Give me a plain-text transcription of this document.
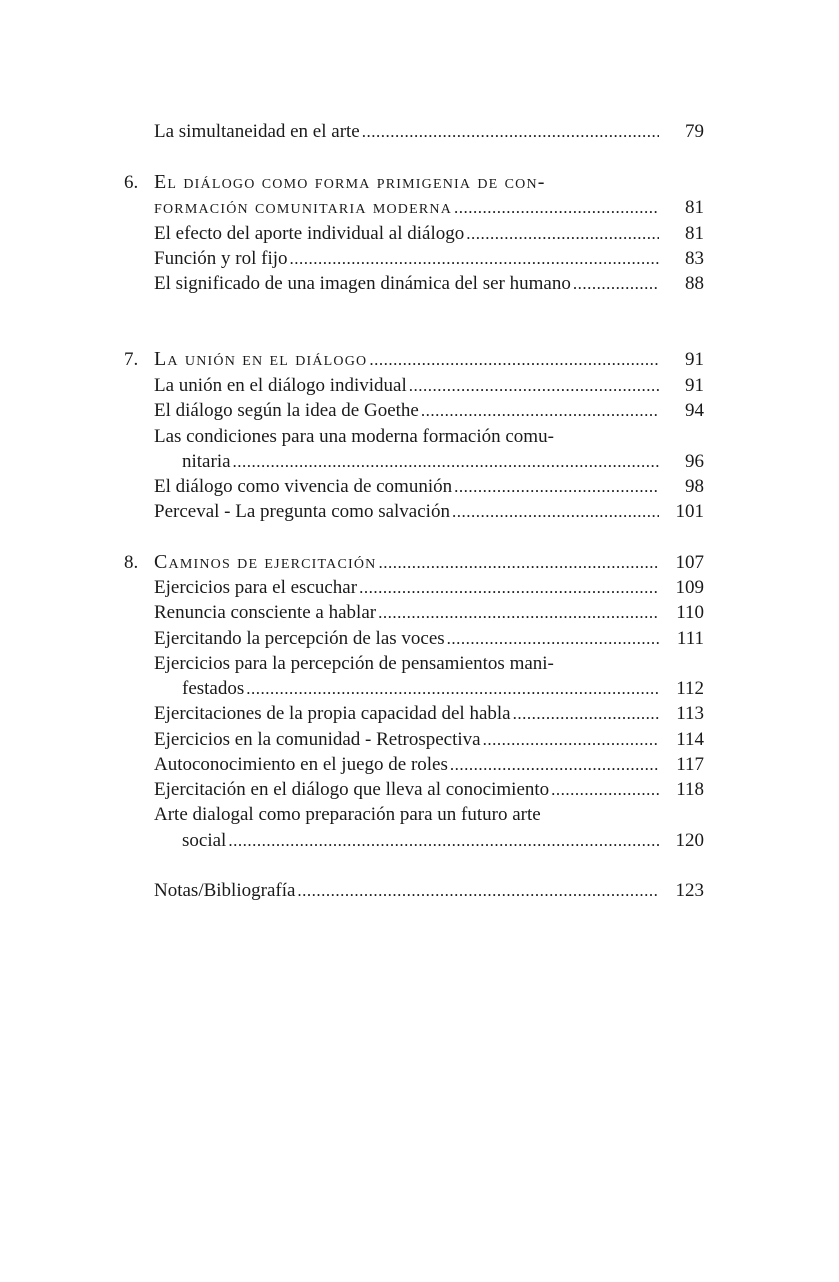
La simultaneidad en el arte .....	79
6. El diálogo como forma primigenia de con-
formación comunitaria moderna .....	81
El efecto del aporte individual al diálogo .....	81
Función y rol fijo .....	83
El significado de una imagen dinámica del ser humano .....	88
7. La unión en el diálogo .....	91
La unión en el diálogo individual .....	91
El diálogo según la idea de Goethe .....	94
Las condiciones para una moderna formación comu-
nitaria .....	96
El diálogo como vivencia de comunión .....	98
Perceval - La pregunta como salvación .....	101
8. Caminos de ejercitación .....	107
Ejercicios para el escuchar .....	109
Renuncia consciente a hablar .....	110
Ejercitando la percepción de las voces .....	111
Ejercicios para la percepción de pensamientos mani-
festados .....	112
Ejercitaciones de la propia capacidad del habla .....	113
Ejercicios en la comunidad - Retrospectiva .....	114
Autoconocimiento en el juego de roles .....	117
Ejercitación en el diálogo que lleva al conocimiento .....	118
Arte dialogal como preparación para un futuro arte
social .....	120
Notas/Bibliografía .....	123
